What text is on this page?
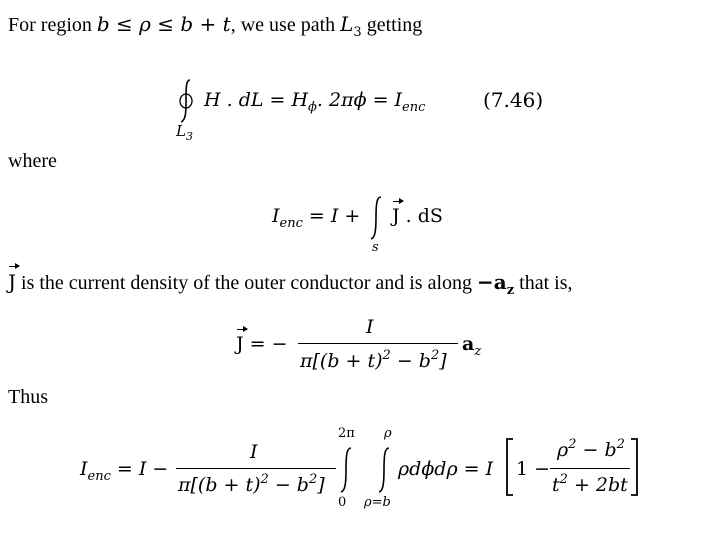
For region b ≤ ρ ≤ b + t, we use path $L_3$ getting
$L_3$
H . dL = $H_\phi$. $2\pi\phi = I_{enc}$	(7.46)
where
$I_{enc} = I$ +
s
J . dS
J is the current density of the outer conductor and is along $-a_z$ that is,
J = −
I
$\pi[(b + t)^2 - b^2]$
$a_z$
Thus
$I_{enc} = I$ −
I
$\pi[(b + t)^2 - b^2]$
2π
0
ρ
ρ=b
ρdϕdρ = I 1 −
$\rho^2 - b^2$
$t^2 + 2bt$
